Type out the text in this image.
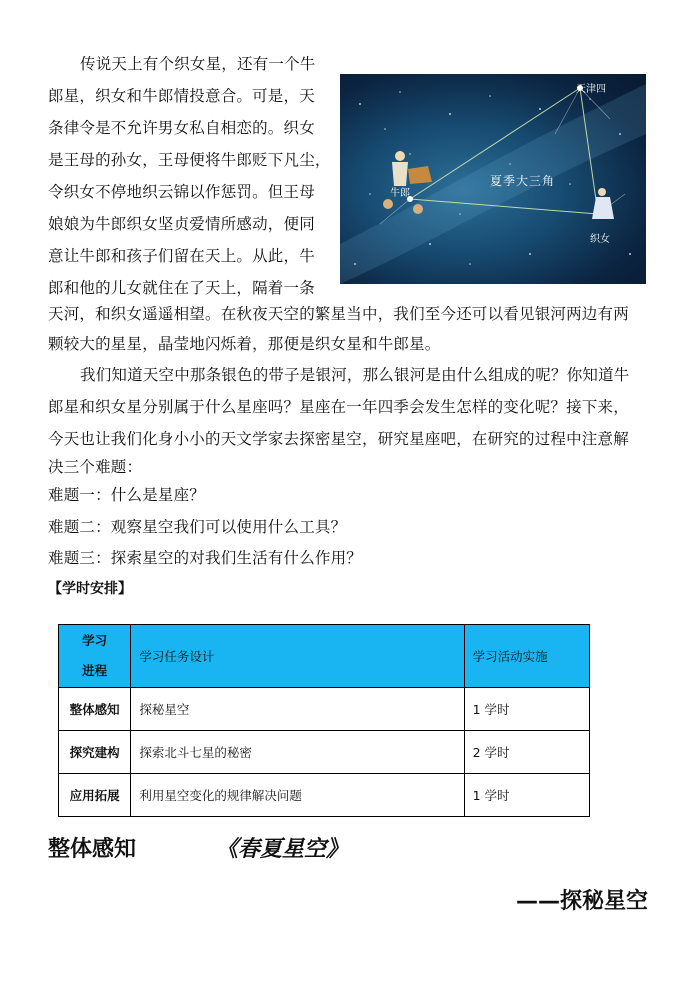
传说天上有个织女星，还有一个牛
郎星，织女和牛郎情投意合。可是，天
条律令是不允许男女私自相恋的。织女
是王母的孙女，王母便将牛郎贬下凡尘，
令织女不停地织云锦以作惩罚。但王母
娘娘为牛郎织女坚贞爱情所感动，便同
意让牛郎和孩子们留在天上。从此，牛
郎和他的儿女就住在了天上，隔着一条
天河，和织女遥遥相望。在秋夜天空的繁星当中，我们至今还可以看见银河两边有两
颗较大的星星，晶莹地闪烁着，那便是织女星和牛郎星。
天津四
牛郎
织女
夏季大三角
我们知道天空中那条银色的带子是银河，那么银河是由什么组成的呢？你知道牛
郎星和织女星分别属于什么星座吗？星座在一年四季会发生怎样的变化呢？接下来，
今天也让我们化身小小的天文学家去探密星空，研究星座吧，在研究的过程中注意解
决三个难题：
难题一：什么是星座？
难题二：观察星空我们可以使用什么工具？
难题三：探索星空的对我们生活有什么作用？
【学时安排】
学习
进程	学习任务设计	学习活动实施
整体感知	探秘星空	1 学时
探究建构	探索北斗七星的秘密	2 学时
应用拓展	利用星空变化的规律解决问题	1 学时
整体感知	《春夏星空》
——探秘星空
